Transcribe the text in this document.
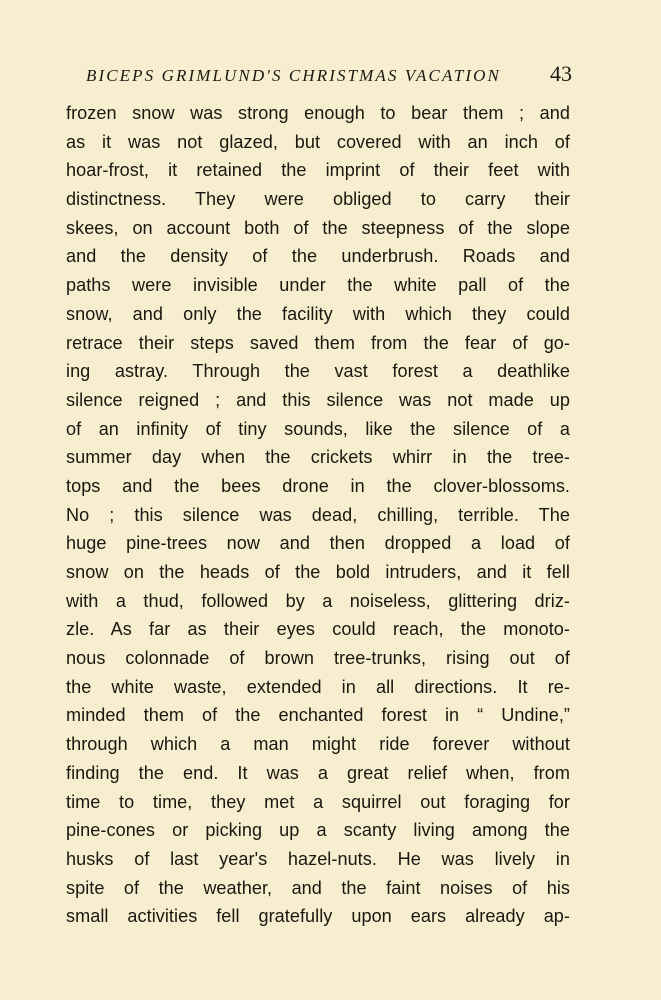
BICEPS GRIMLUND'S CHRISTMAS VACATION 43
frozen snow was strong enough to bear them ; and
as it was not glazed, but covered with an inch of
hoar-frost, it retained the imprint of their feet with
distinctness. They were obliged to carry their
skees, on account both of the steepness of the slope
and the density of the underbrush. Roads and
paths were invisible under the white pall of the
snow, and only the facility with which they could
retrace their steps saved them from the fear of go-
ing astray. Through the vast forest a deathlike
silence reigned ; and this silence was not made up
of an infinity of tiny sounds, like the silence of a
summer day when the crickets whirr in the tree-
tops and the bees drone in the clover-blossoms.
No ; this silence was dead, chilling, terrible. The
huge pine-trees now and then dropped a load of
snow on the heads of the bold intruders, and it fell
with a thud, followed by a noiseless, glittering driz-
zle. As far as their eyes could reach, the monoto-
nous colonnade of brown tree-trunks, rising out of
the white waste, extended in all directions. It re-
minded them of the enchanted forest in “ Undine,”
through which a man might ride forever without
finding the end. It was a great relief when, from
time to time, they met a squirrel out foraging for
pine-cones or picking up a scanty living among the
husks of last year's hazel-nuts. He was lively in
spite of the weather, and the faint noises of his
small activities fell gratefully upon ears already ap-
